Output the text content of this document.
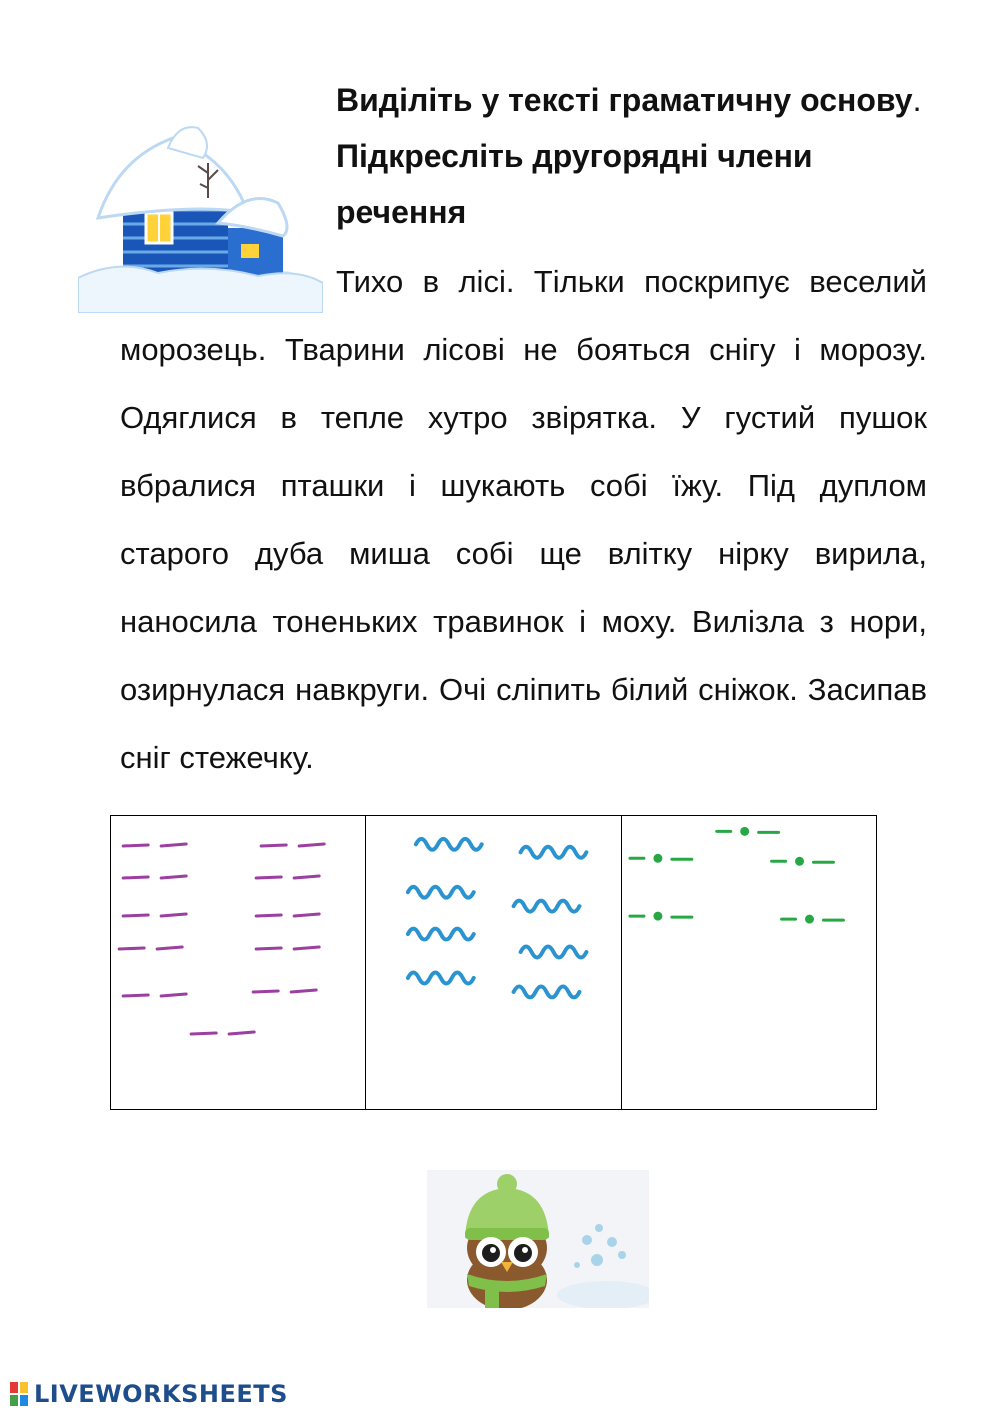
Виділіть у тексті граматичну основу. Підкресліть другорядні члени речення
Тихо в лісі. Тільки поскрипує веселий
морозець. Тварини лісові не бояться снігу і морозу. Одяглися в тепле хутро звірятка. У густий пушок вбралися пташки і шукають собі їжу. Під дуплом старого дуба миша собі ще влітку нірку вирила, наносила тоненьких травинок і моху. Вилізла з нори, озирнулася навкруги. Очі сліпить білий сніжок. Засипав сніг стежечку.
LIVEWORKSHEETS
